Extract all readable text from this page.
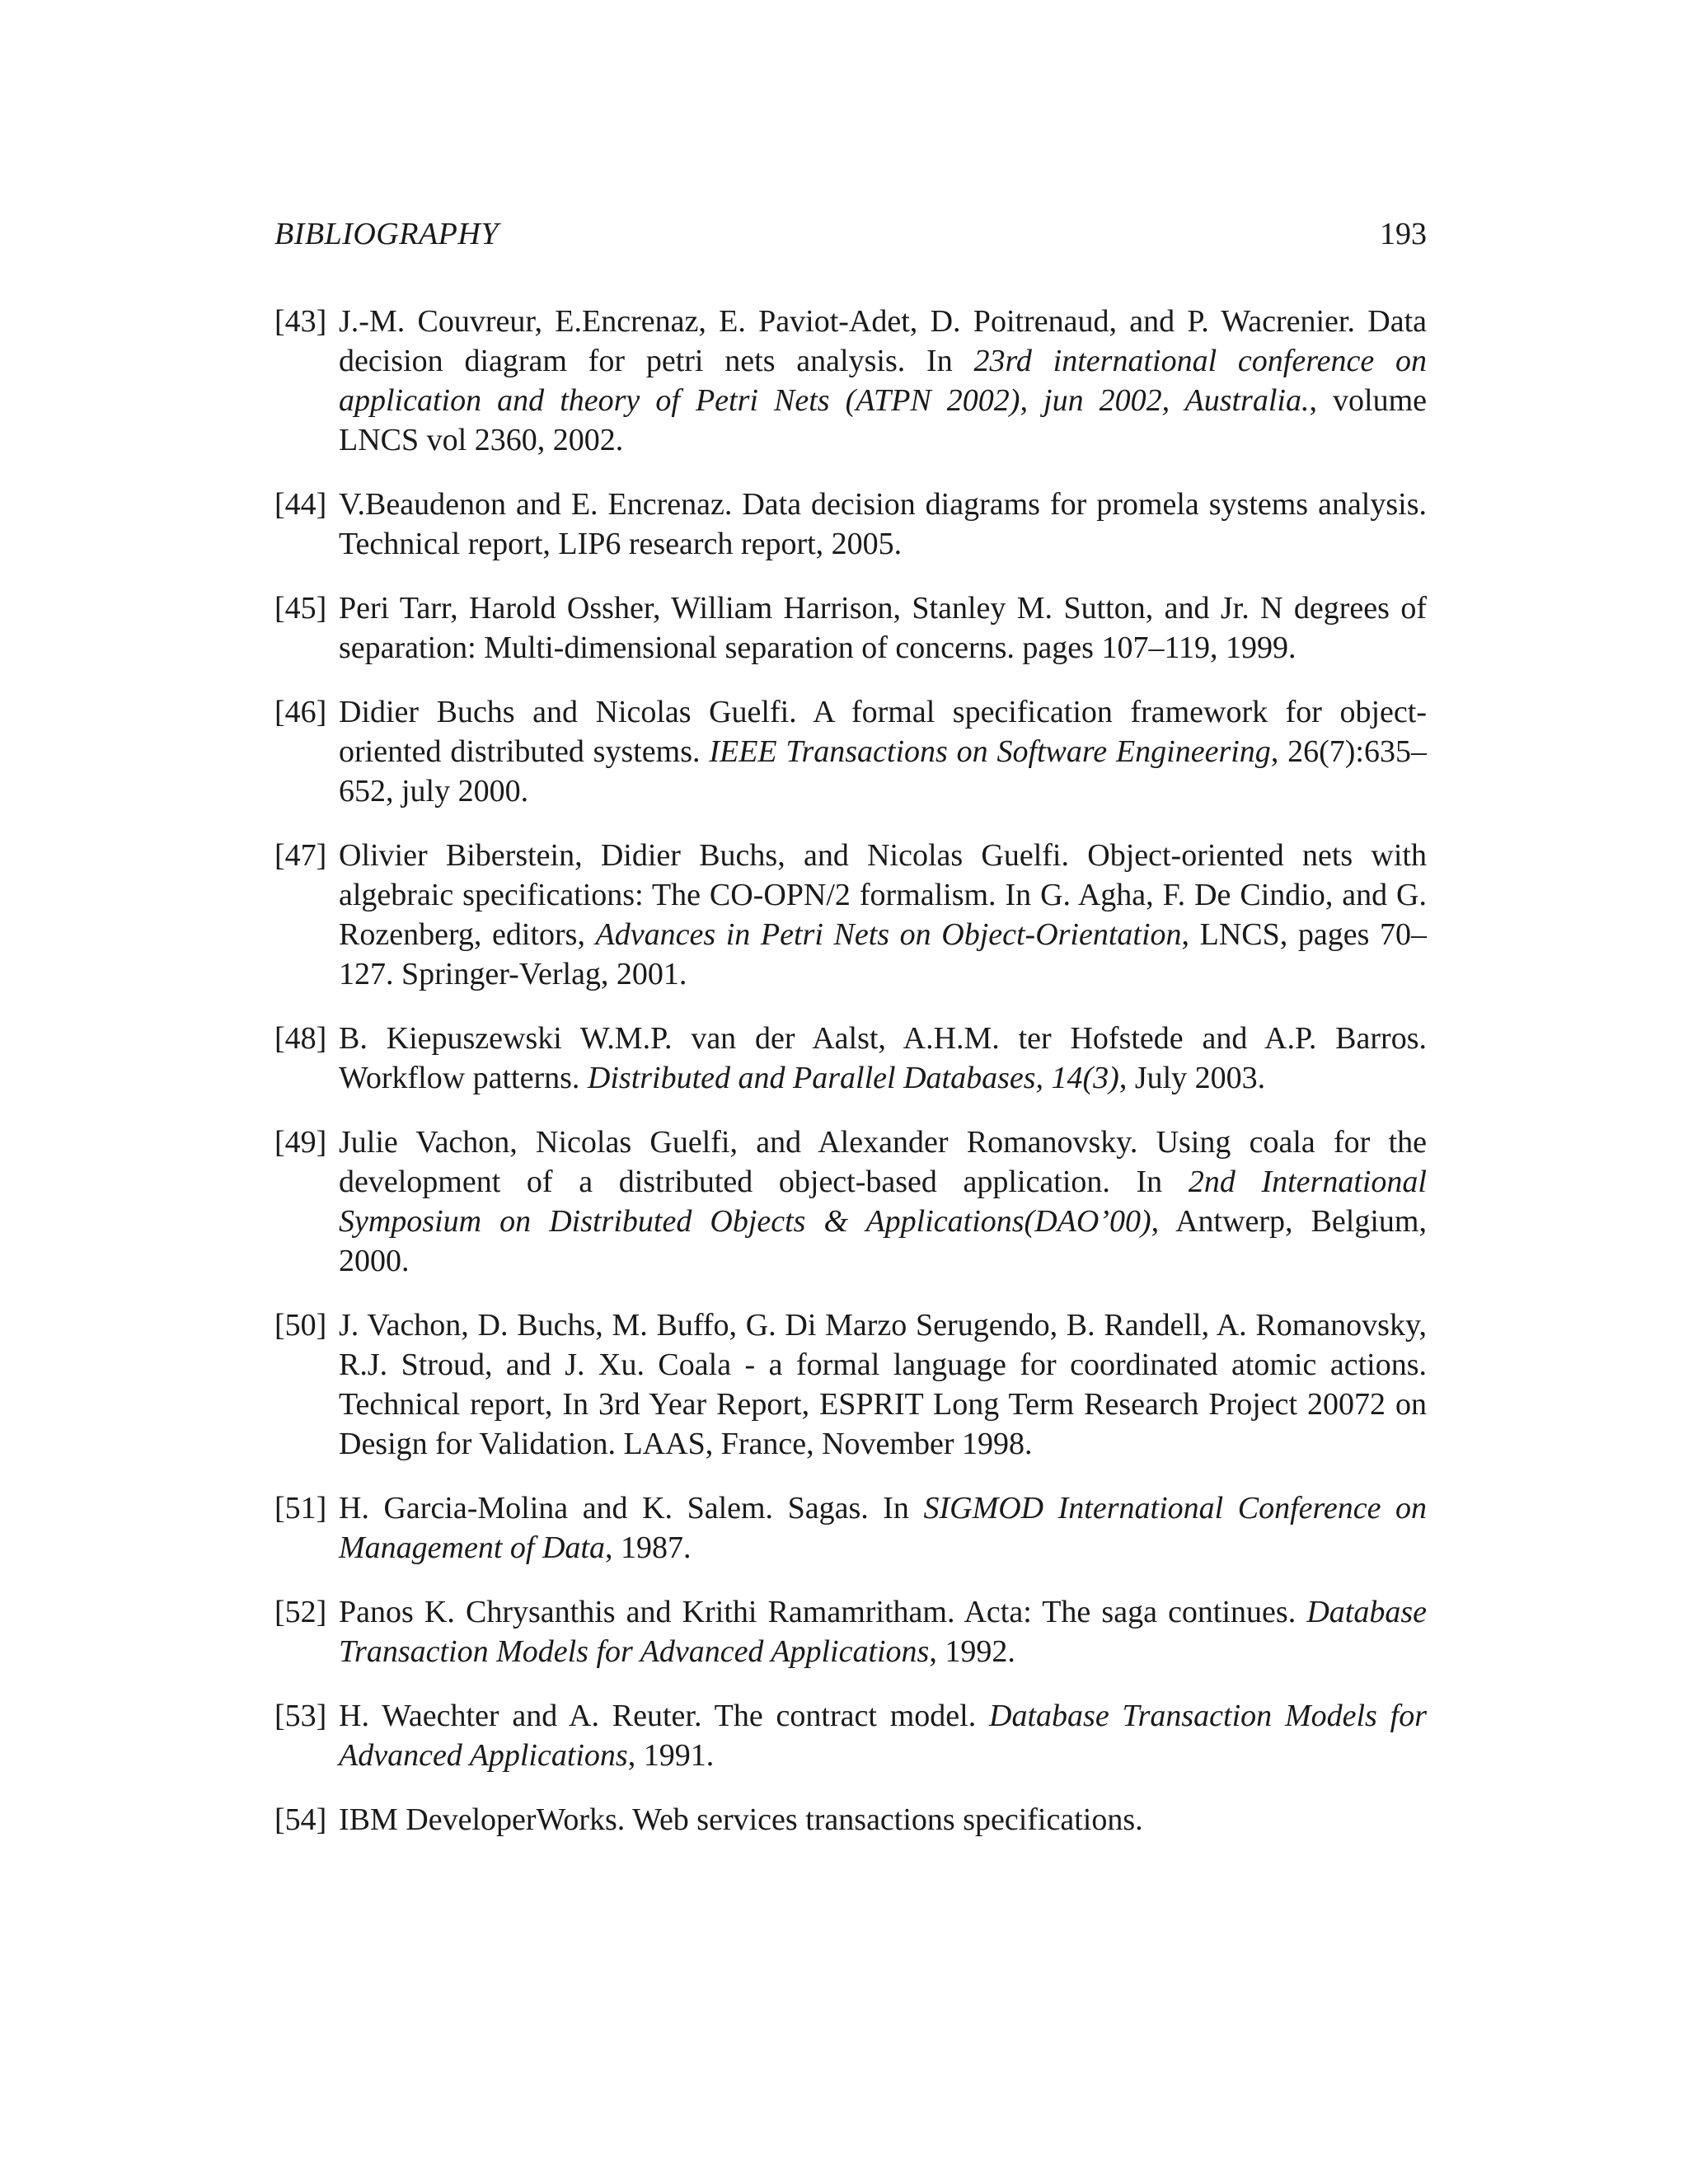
BIBLIOGRAPHY	193
[43] J.-M. Couvreur, E.Encrenaz, E. Paviot-Adet, D. Poitrenaud, and P. Wacrenier. Data decision diagram for petri nets analysis. In 23rd international conference on application and theory of Petri Nets (ATPN 2002), jun 2002, Australia., volume LNCS vol 2360, 2002.
[44] V.Beaudenon and E. Encrenaz. Data decision diagrams for promela systems analysis. Technical report, LIP6 research report, 2005.
[45] Peri Tarr, Harold Ossher, William Harrison, Stanley M. Sutton, and Jr. N degrees of separation: Multi-dimensional separation of concerns. pages 107–119, 1999.
[46] Didier Buchs and Nicolas Guelfi. A formal specification framework for object-oriented distributed systems. IEEE Transactions on Software Engineering, 26(7):635–652, july 2000.
[47] Olivier Biberstein, Didier Buchs, and Nicolas Guelfi. Object-oriented nets with algebraic specifications: The CO-OPN/2 formalism. In G. Agha, F. De Cindio, and G. Rozenberg, editors, Advances in Petri Nets on Object-Orientation, LNCS, pages 70–127. Springer-Verlag, 2001.
[48] B. Kiepuszewski W.M.P. van der Aalst, A.H.M. ter Hofstede and A.P. Barros. Workflow patterns. Distributed and Parallel Databases, 14(3), July 2003.
[49] Julie Vachon, Nicolas Guelfi, and Alexander Romanovsky. Using coala for the development of a distributed object-based application. In 2nd International Symposium on Distributed Objects & Applications(DAO’00), Antwerp, Belgium, 2000.
[50] J. Vachon, D. Buchs, M. Buffo, G. Di Marzo Serugendo, B. Randell, A. Romanovsky, R.J. Stroud, and J. Xu. Coala - a formal language for coordinated atomic actions. Technical report, In 3rd Year Report, ESPRIT Long Term Research Project 20072 on Design for Validation. LAAS, France, November 1998.
[51] H. Garcia-Molina and K. Salem. Sagas. In SIGMOD International Conference on Management of Data, 1987.
[52] Panos K. Chrysanthis and Krithi Ramamritham. Acta: The saga continues. Database Transaction Models for Advanced Applications, 1992.
[53] H. Waechter and A. Reuter. The contract model. Database Transaction Models for Advanced Applications, 1991.
[54] IBM DeveloperWorks. Web services transactions specifications.
